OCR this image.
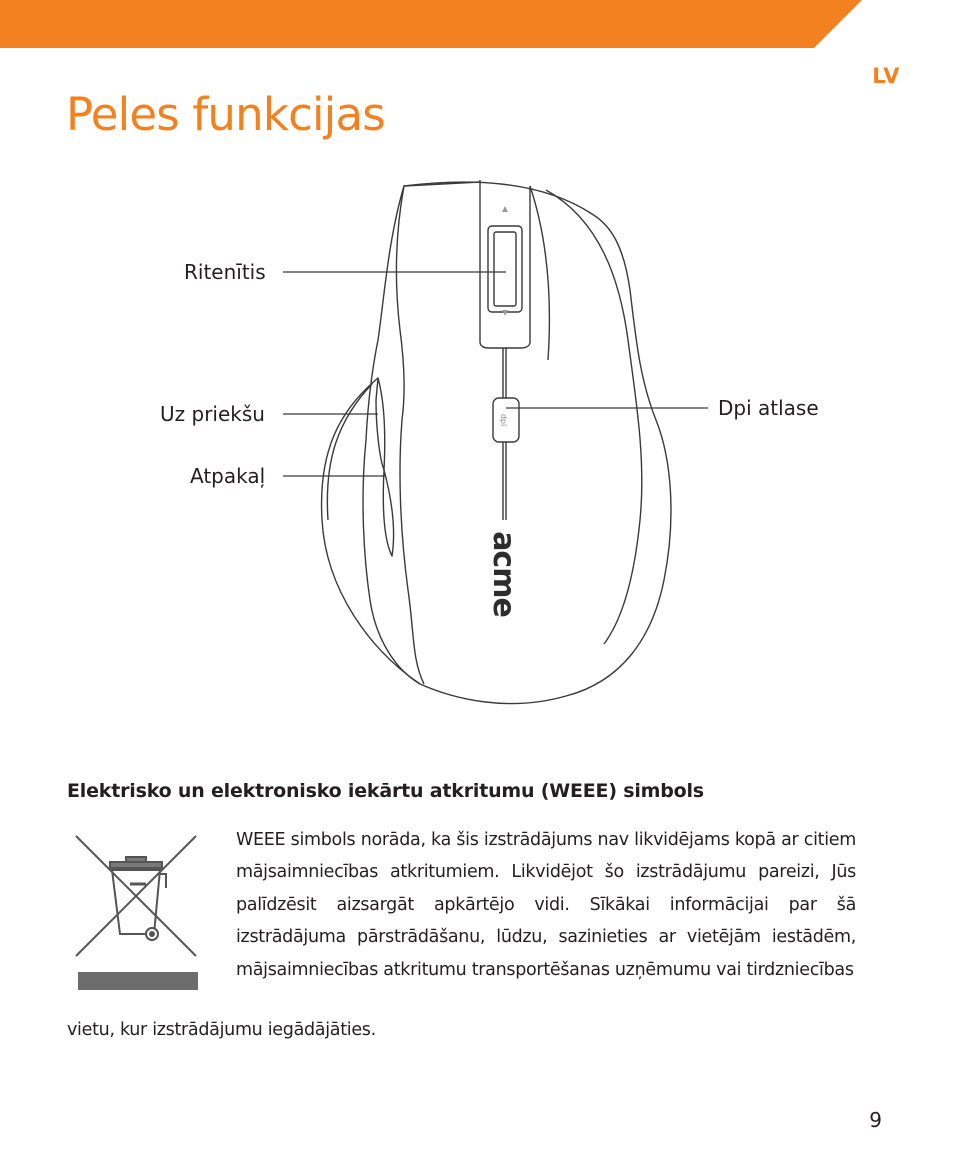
LV
Peles funkcijas
dpi
acme
Ritenītis
Uz priekšu
Atpakaļ
Dpi atlase
Elektrisko un elektronisko iekārtu atkritumu (WEEE) simbols

WEEE simbols norāda, ka šis izstrādājums nav likvidējams kopā ar citiem mājsaimniecības atkritumiem. Likvidējot šo izstrādājumu pareizi, Jūs palīdzēsit aizsargāt apkārtējo vidi. Sīkākai informācijai par šā izstrādājuma pārstrādāšanu, lūdzu, sazinieties ar vietējām iestādēm, mājsaimniecības atkritumu transportēšanas uzņēmumu vai tirdzniecības

vietu, kur izstrādājumu iegādājāties.

9
